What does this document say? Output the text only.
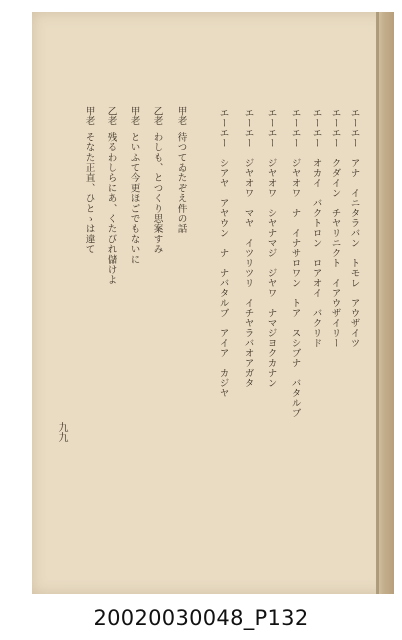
エーエー　アナ　イニタラバン　トモレ　アウザイツ
エーエー　クダイン　チヤリニクト　イアウザイリー
エーエー　オカイ　バクトロン　ロアオイ　バクリド
エーエー　ジヤオワ　ナ　イナサロワン　トア　スシブナ　バタルブ
エーエー　ジヤオワ　シヤナマジ　ジヤワ　ナマジヨクカナン
エーエー　ジヤオワ　マヤ　イツリツリ　イチヤラバオアガタ
エーエー　シアヤ　アヤウン　ナ　ナバタルブ　アイア　カジヤ
甲老
待つてゐたぞえ件の話
乙老
わしも、とつくり思案すみ
甲老
といふて今更ほごでもないに
乙老
残るわしらにあ、くたびれ儲けよ
甲老
そなた正直、ひとゝは違て
九九
20020030048_P132
